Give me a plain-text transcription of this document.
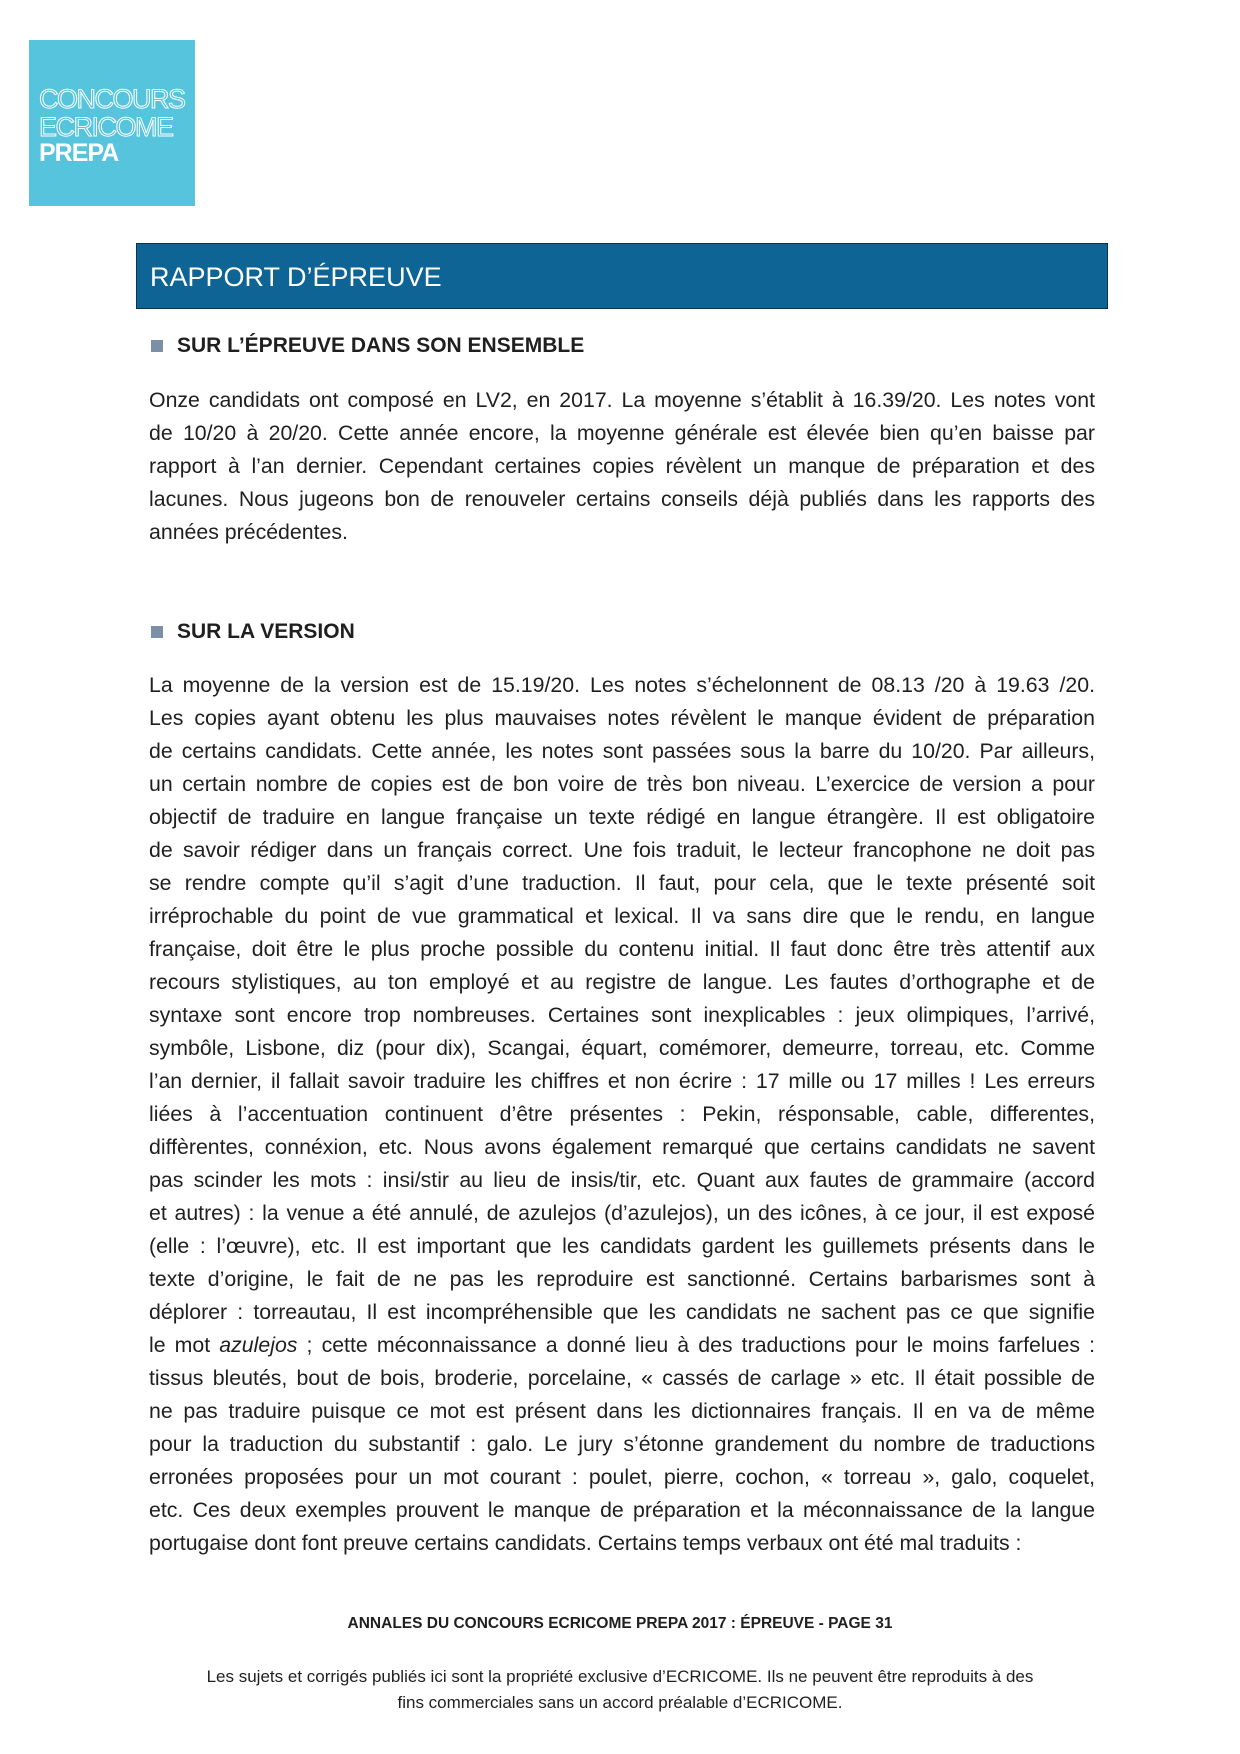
CONCOURS
ECRICOME
PREPA
RAPPORT D’ÉPREUVE
SUR L’ÉPREUVE DANS SON ENSEMBLE
Onze candidats ont composé en LV2, en 2017. La moyenne s’établit à 16.39/20. Les notes vont
de 10/20 à 20/20. Cette année encore, la moyenne générale est élevée bien qu’en baisse par
rapport à l’an dernier. Cependant certaines copies révèlent un manque de préparation et des
lacunes. Nous jugeons bon de renouveler certains conseils déjà publiés dans les rapports des
années précédentes.
SUR LA VERSION
La moyenne de la version est de 15.19/20. Les notes s’échelonnent de 08.13 /20 à 19.63 /20.
Les copies ayant obtenu les plus mauvaises notes révèlent le manque évident de préparation
de certains candidats. Cette année, les notes sont passées sous la barre du 10/20. Par ailleurs,
un certain nombre de copies est de bon voire de très bon niveau. L’exercice de version a pour
objectif de traduire en langue française un texte rédigé en langue étrangère. Il est obligatoire
de savoir rédiger dans un français correct. Une fois traduit, le lecteur francophone ne doit pas
se rendre compte qu’il s’agit d’une traduction. Il faut, pour cela, que le texte présenté soit
irréprochable du point de vue grammatical et lexical. Il va sans dire que le rendu, en langue
française, doit être le plus proche possible du contenu initial. Il faut donc être très attentif aux
recours stylistiques, au ton employé et au registre de langue. Les fautes d’orthographe et de
syntaxe sont encore trop nombreuses. Certaines sont inexplicables : jeux olimpiques, l’arrivé,
symbôle, Lisbone, diz (pour dix), Scangai, équart, comémorer, demeurre, torreau, etc. Comme
l’an dernier, il fallait savoir traduire les chiffres et non écrire : 17 mille ou 17 milles ! Les erreurs
liées à l’accentuation continuent d’être présentes : Pekin, résponsable, cable, differentes,
diffèrentes, connéxion, etc. Nous avons également remarqué que certains candidats ne savent
pas scinder les mots : insi/stir au lieu de insis/tir, etc. Quant aux fautes de grammaire (accord
et autres) : la venue a été annulé, de azulejos (d’azulejos), un des icônes, à ce jour, il est exposé
(elle : l’œuvre), etc. Il est important que les candidats gardent les guillemets présents dans le
texte d’origine, le fait de ne pas les reproduire est sanctionné. Certains barbarismes sont à
déplorer : torreautau, Il est incompréhensible que les candidats ne sachent pas ce que signifie
le mot azulejos ; cette méconnaissance a donné lieu à des traductions pour le moins farfelues :
tissus bleutés, bout de bois, broderie, porcelaine, « cassés de carlage » etc. Il était possible de
ne pas traduire puisque ce mot est présent dans les dictionnaires français. Il en va de même
pour la traduction du substantif : galo. Le jury s’étonne grandement du nombre de traductions
erronées proposées pour un mot courant : poulet, pierre, cochon, « torreau », galo, coquelet,
etc. Ces deux exemples prouvent le manque de préparation et la méconnaissance de la langue
portugaise dont font preuve certains candidats. Certains temps verbaux ont été mal traduits :
ANNALES DU CONCOURS ECRICOME PREPA 2017 : ÉPREUVE - PAGE 31
Les sujets et corrigés publiés ici sont la propriété exclusive d’ECRICOME. Ils ne peuvent être reproduits à des
fins commerciales sans un accord préalable d’ECRICOME.
